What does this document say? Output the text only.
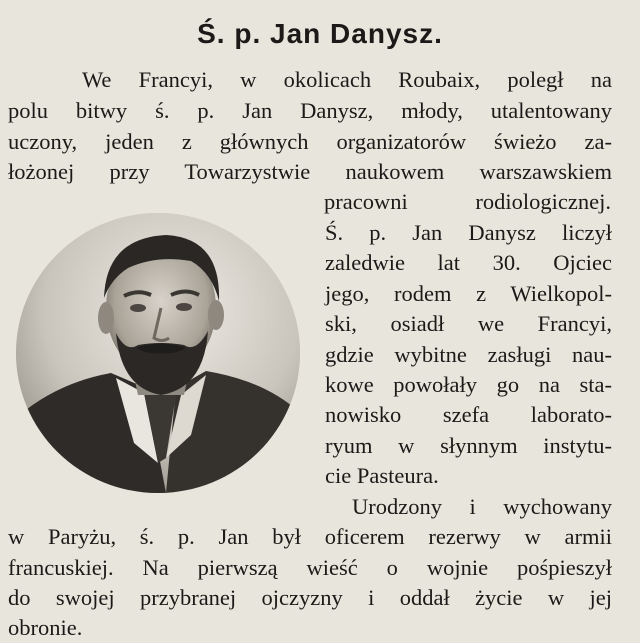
Ś. p. Jan Danysz.
We Francyi, w okolicach Roubaix, poległ na
polu bitwy ś. p. Jan Danysz, młody, utalentowany
uczony, jeden z głównych organizatorów świeżo za-
łożonej przy Towarzystwie naukowem warszawskiem
pracowni rodiologicznej.
Ś. p. Jan Danysz liczył
zaledwie lat 30. Ojciec
jego, rodem z Wielkopol-
ski, osiadł we Francyi,
gdzie wybitne zasługi nau-
kowe powołały go na sta-
nowisko szefa laborato-
ryum w słynnym instytu-
cie Pasteura.
Urodzony i wychowany
w Paryżu, ś. p. Jan był oficerem rezerwy w armii
francuskiej. Na pierwszą wieść o wojnie pośpieszył
do swojej przybranej ojczyzny i oddał życie w jej
obronie.
